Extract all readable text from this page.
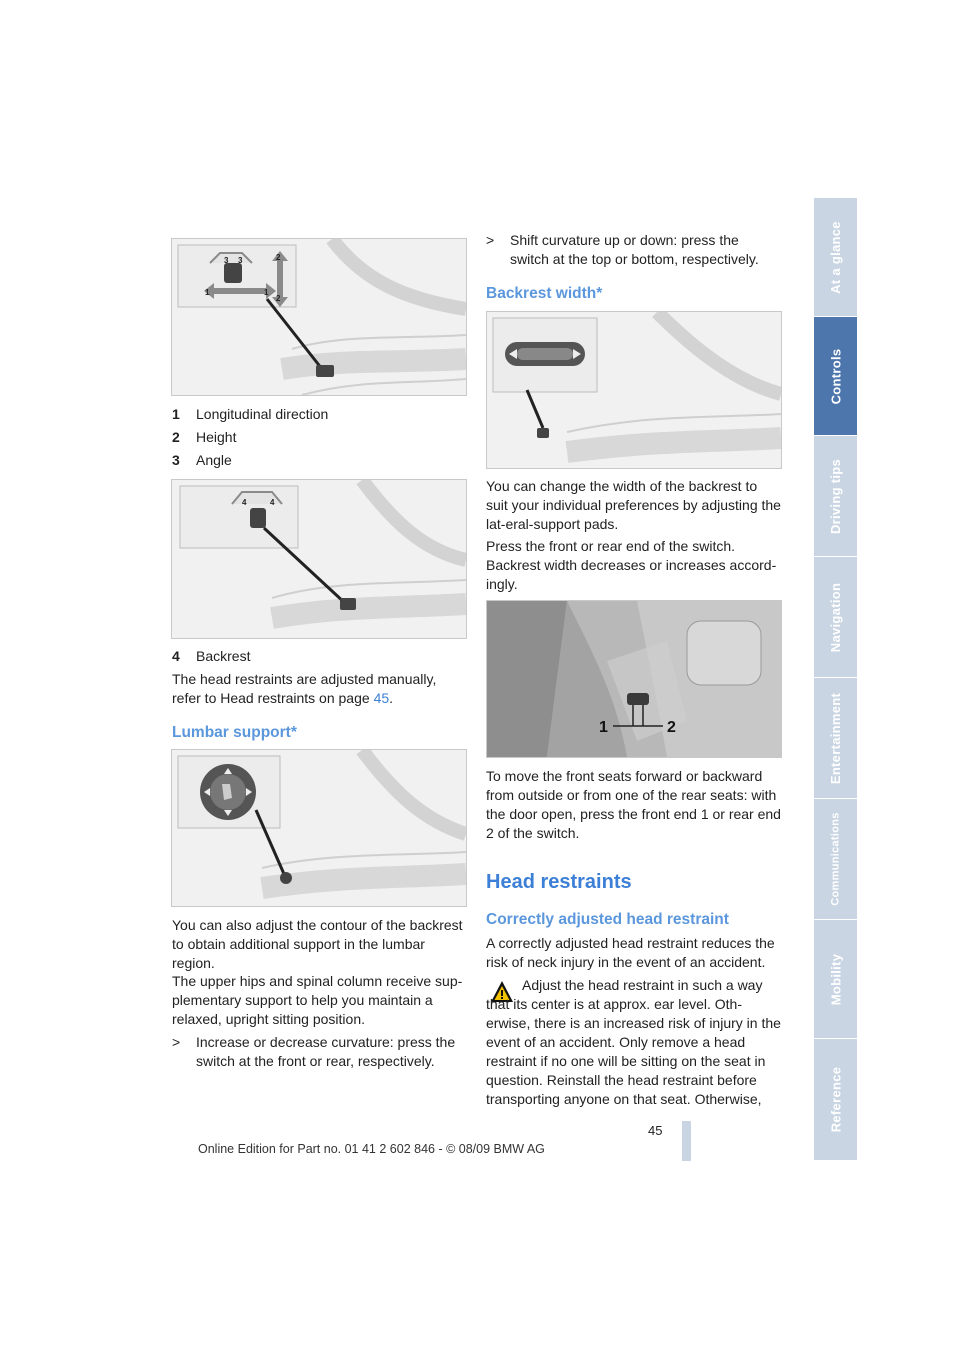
At a glance
Controls
Driving tips
Navigation
Entertainment
Communications
Mobility
Reference
3 3	2
2
1	1
1 Longitudinal direction
2 Height
3 Angle
4	4
4 Backrest
The head restraints are adjusted manually, refer to Head restraints on page 45.
Lumbar support*
You can also adjust the contour of the backrest to obtain additional support in the lumbar region.
The upper hips and spinal column receive sup-plementary support to help you maintain a relaxed, upright sitting position.
> Increase or decrease curvature: press the switch at the front or rear, respectively.
> Shift curvature up or down: press the switch at the top or bottom, respectively.
Backrest width*
You can change the width of the backrest to suit your individual preferences by adjusting the lat-eral-support pads.
Press the front or rear end of the switch. Backrest width decreases or increases accord-ingly.
1	2
To move the front seats forward or backward from outside or from one of the rear seats: with the door open, press the front end 1 or rear end 2 of the switch.
Head restraints
Correctly adjusted head restraint
A correctly adjusted head restraint reduces the risk of neck injury in the event of an accident.
Adjust the head restraint in such a way that its center is at approx. ear level. Oth-erwise, there is an increased risk of injury in the event of an accident. Only remove a head restraint if no one will be sitting on the seat in question. Reinstall the head restraint before transporting anyone on that seat. Otherwise,
45
Online Edition for Part no. 01 41 2 602 846 - © 08/09 BMW AG
